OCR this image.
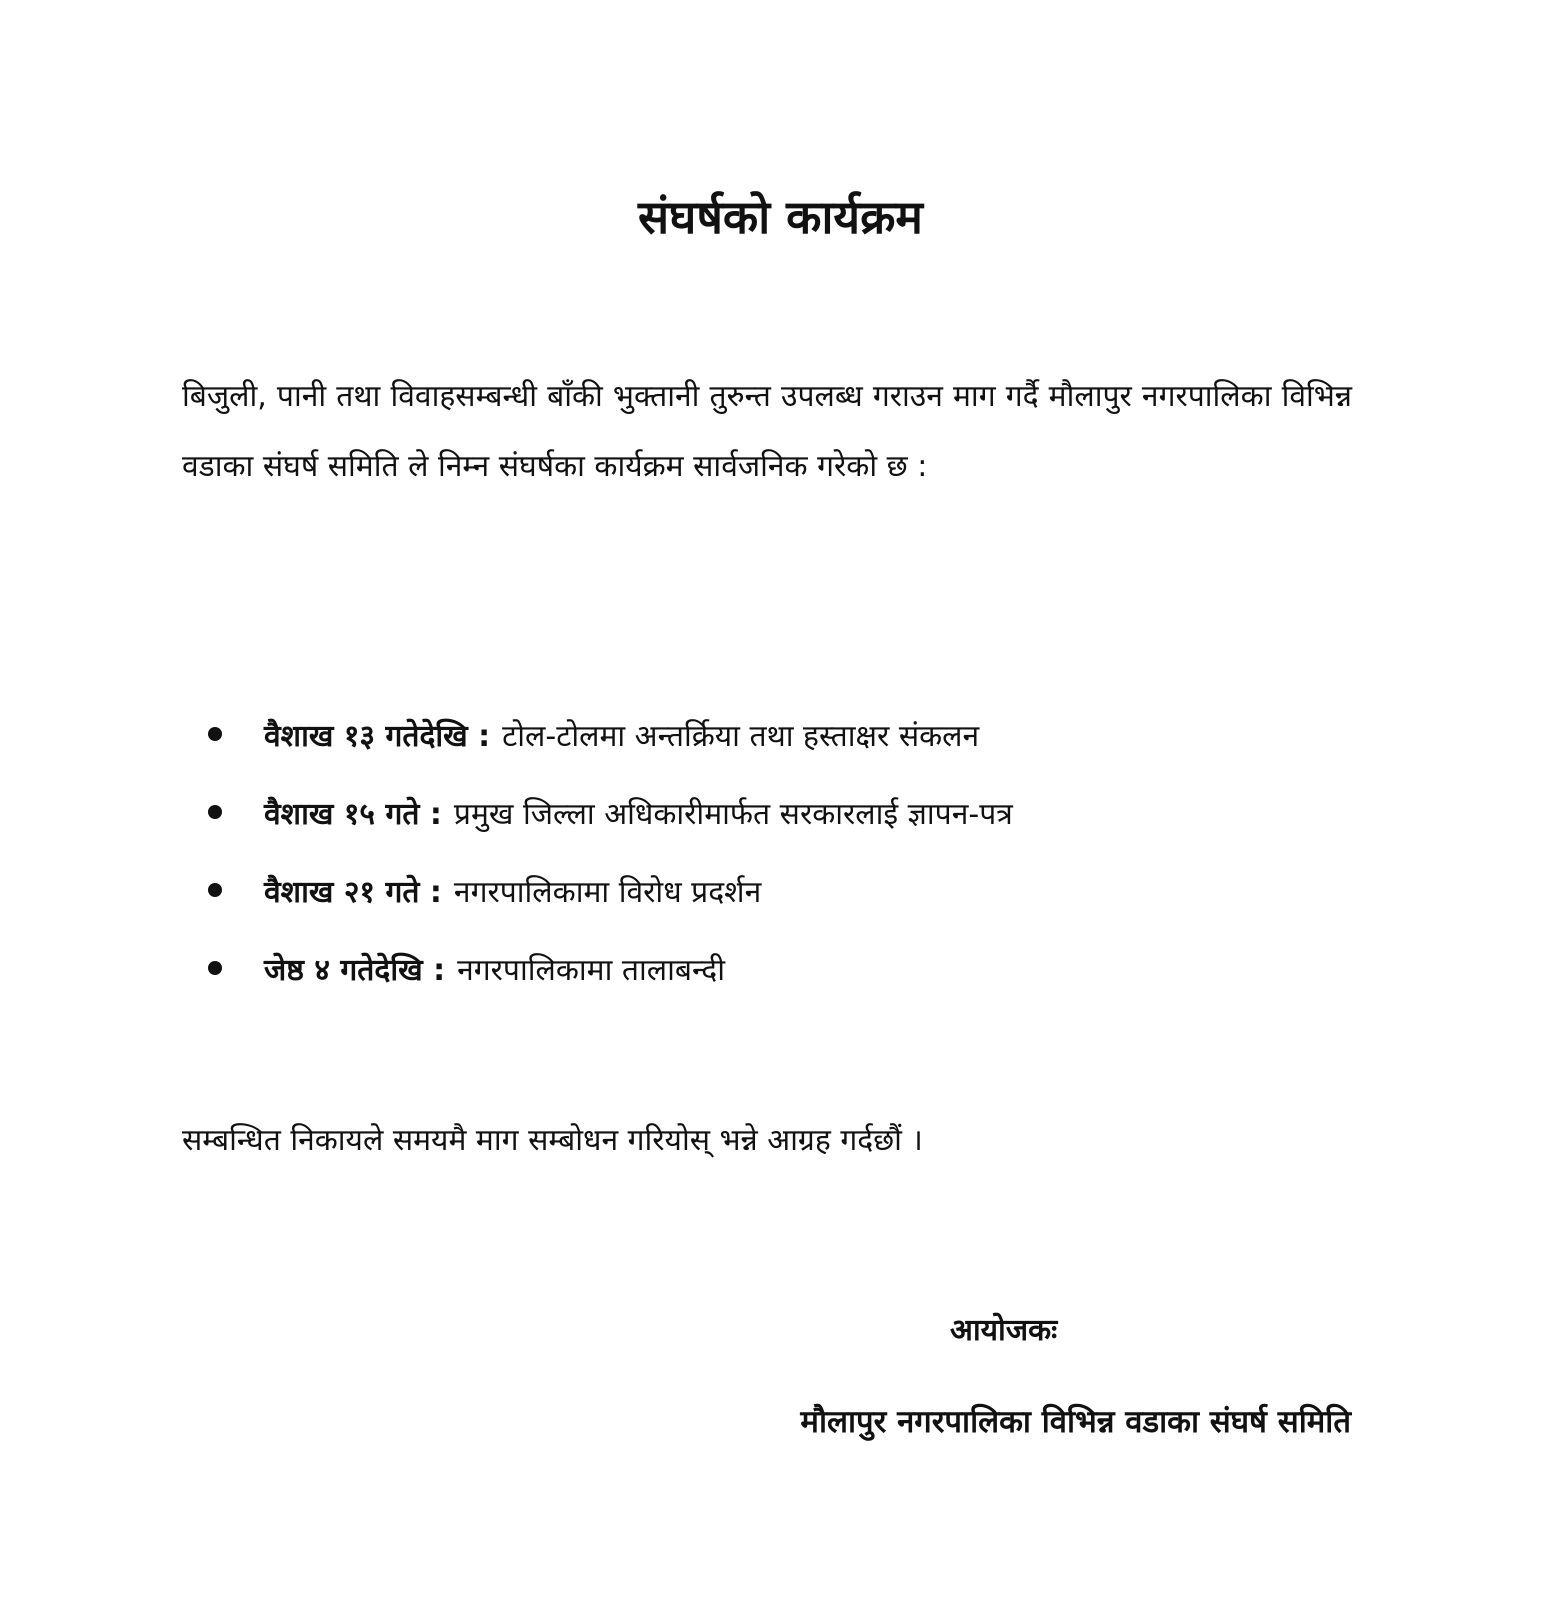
संघर्षको कार्यक्रम
बिजुली, पानी तथा विवाहसम्बन्धी बाँकी भुक्तानी तुरुन्त उपलब्ध गराउन माग गर्दै मौलापुर नगरपालिका विभिन्न वडाका संघर्ष समिति ले निम्न संघर्षका कार्यक्रम सार्वजनिक गरेको छ :
वैशाख १३ गतेदेखि : टोल-टोलमा अन्तर्क्रिया तथा हस्ताक्षर संकलन
वैशाख १५ गते : प्रमुख जिल्ला अधिकारीमार्फत सरकारलाई ज्ञापन-पत्र
वैशाख २१ गते : नगरपालिकामा विरोध प्रदर्शन
जेष्ठ ४ गतेदेखि : नगरपालिकामा तालाबन्दी
सम्बन्धित निकायले समयमै माग सम्बोधन गरियोस् भन्ने आग्रह गर्दछौं ।
आयोजकः
मौलापुर नगरपालिका विभिन्न वडाका संघर्ष समिति
